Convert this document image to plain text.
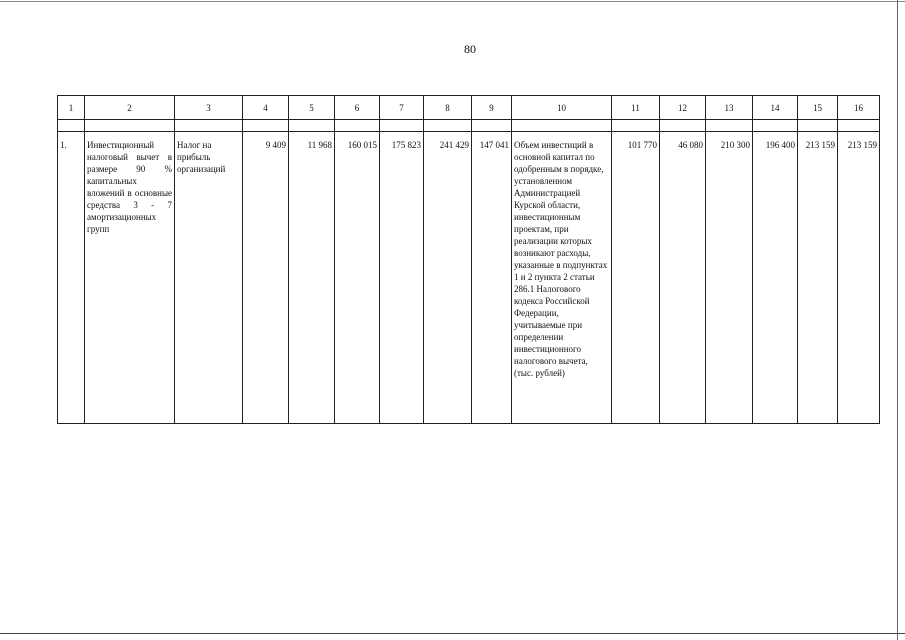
80
1	2	3	4	5	6	7	8	9	10	11	12	13	14	15	16

1.	Инвестиционный налоговый вычет в размере 90 % капитальных вложений в основные средства 3 - 7 амортизационных групп	Налог на прибыль организаций	9 409	11 968	160 015	175 823	241 429	147 041	Объем инвестиций в основной капитал по одобренным в порядке, установленном Администрацией Курской области, инвестиционным проектам, при реализации которых возникают расходы, указанные в подпунктах 1 и 2 пункта 2 статьи 286.1 Налогового кодекса Российской Федерации, учитываемые при определении инвестиционного налогового вычета, (тыс. рублей)	101 770	46 080	210 300	196 400	213 159	213 159
